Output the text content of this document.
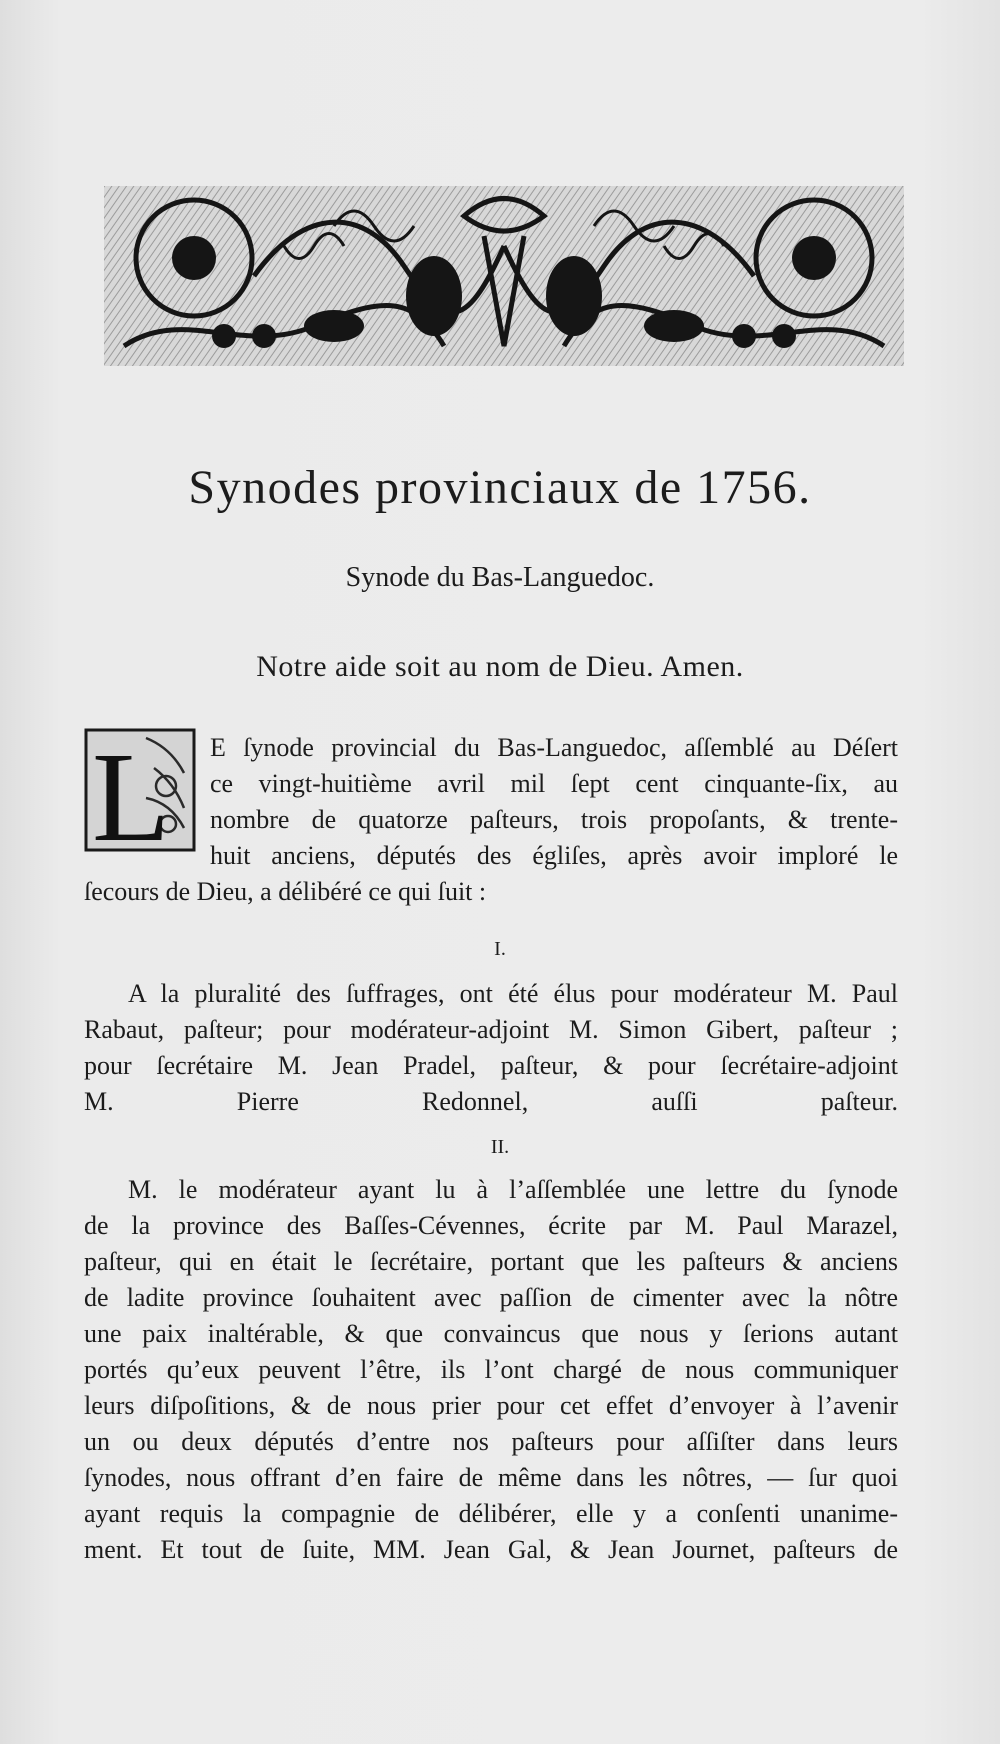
Synodes provinciaux de 1756.
Synode du Bas-Languedoc.
Notre aide soit au nom de Dieu. Amen.
L E ſynode provincial du Bas-Languedoc, aſſemblé au Déſert
ce vingt-huitième avril mil ſept cent cinquante-ſix, au
nombre de quatorze paſteurs, trois propoſants, & trente-
huit anciens, députés des égliſes, après avoir imploré le
ſecours de Dieu, a délibéré ce qui ſuit :
I.
A la pluralité des ſuffrages, ont été élus pour modérateur M. Paul
Rabaut, paſteur; pour modérateur-adjoint M. Simon Gibert, paſteur ;
pour ſecrétaire M. Jean Pradel, paſteur, & pour ſecrétaire-adjoint
M. Pierre Redonnel, auſſi paſteur.
II.
M. le modérateur ayant lu à l’aſſemblée une lettre du ſynode
de la province des Baſſes-Cévennes, écrite par M. Paul Marazel,
paſteur, qui en était le ſecrétaire, portant que les paſteurs & anciens
de ladite province ſouhaitent avec paſſion de cimenter avec la nôtre
une paix inaltérable, & que convaincus que nous y ſerions autant
portés qu’eux peuvent l’être, ils l’ont chargé de nous communiquer
leurs diſpoſitions, & de nous prier pour cet effet d’envoyer à l’avenir
un ou deux députés d’entre nos paſteurs pour aſſiſter dans leurs
ſynodes, nous offrant d’en faire de même dans les nôtres, — ſur quoi
ayant requis la compagnie de délibérer, elle y a conſenti unanime-
ment. Et tout de ſuite, MM. Jean Gal, & Jean Journet, paſteurs de
